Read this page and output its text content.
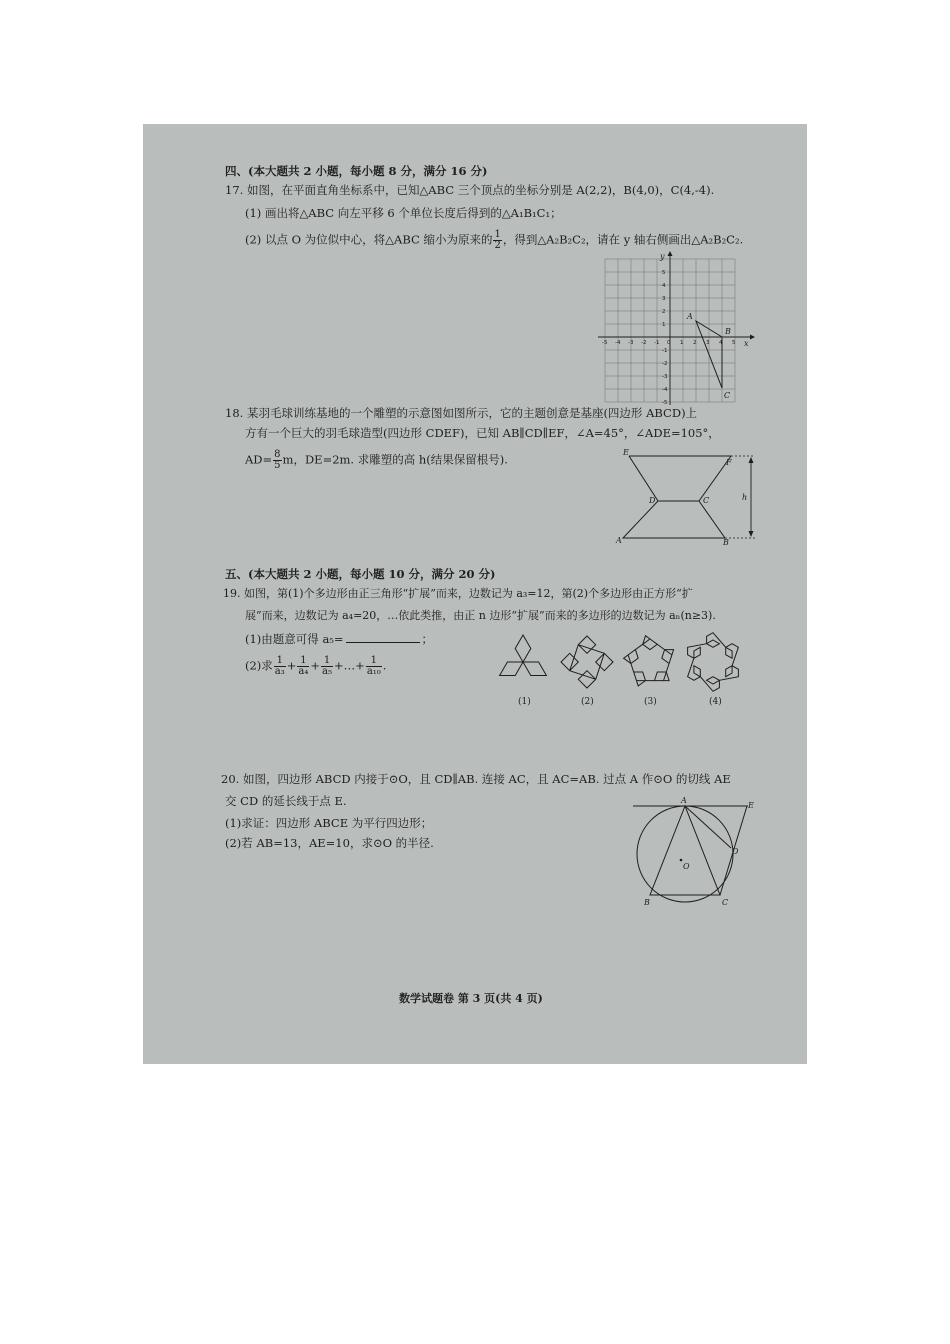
四、(本大题共 2 小题，每小题 8 分，满分 16 分)
17. 如图，在平面直角坐标系中，已知△ABC 三个顶点的坐标分别是 A(2,2)，B(4,0)，C(4,-4).
(1) 画出将△ABC 向左平移 6 个单位长度后得到的△A₁B₁C₁；
(2) 以点 O 为位似中心，将△ABC 缩小为原来的 $\frac{1}{2}$ ，得到△A₂B₂C₂，请在 y 轴右侧画出△A₂B₂C₂.
y
x
-5 -4 -3 -2 -1 0 1 2 3 4 5
5
4
3
2
1
-1
-2
-3
-4
-5
A
B
C
18. 某羽毛球训练基地的一个雕塑的示意图如图所示，它的主题创意是基座(四边形 ABCD)上
方有一个巨大的羽毛球造型(四边形 CDEF)，已知 AB∥CD∥EF，∠A=45°，∠ADE=105°，
$AD= \frac{8}{5}$ m，DE=2m. 求雕塑的高 h(结果保留根号).	E
F
D	C
A	B
h
五、(本大题共 2 小题，每小题 10 分，满分 20 分)
19. 如图，第(1)个多边形由正三角形“扩展”而来，边数记为 a₃=12，第(2)个多边形由正方形“扩
展”而来，边数记为 a₄=20，…依此类推，由正 n 边形“扩展”而来的多边形的边数记为 aₙ(n≥3).
(1)由题意可得 a₅=	；
(2)求 $\frac{1}{\text{a₃}} + \frac{1}{\text{a₄}} + \frac{1}{\text{a₅}}$ +…+ $\frac{1}{\text{a₁₀}}$ .
(1)	(2)	(3)	(4)
20. 如图，四边形 ABCD 内接于⊙O，且 CD∥AB. 连接 AC，且 AC=AB. 过点 A 作⊙O 的切线 AE
交 CD 的延长线于点 E.
(1)求证：四边形 ABCE 为平行四边形；
(2)若 AB=13，AE=10，求⊙O 的半径.
A
E
D
O
B	C
数学试题卷 第 3 页(共 4 页)
